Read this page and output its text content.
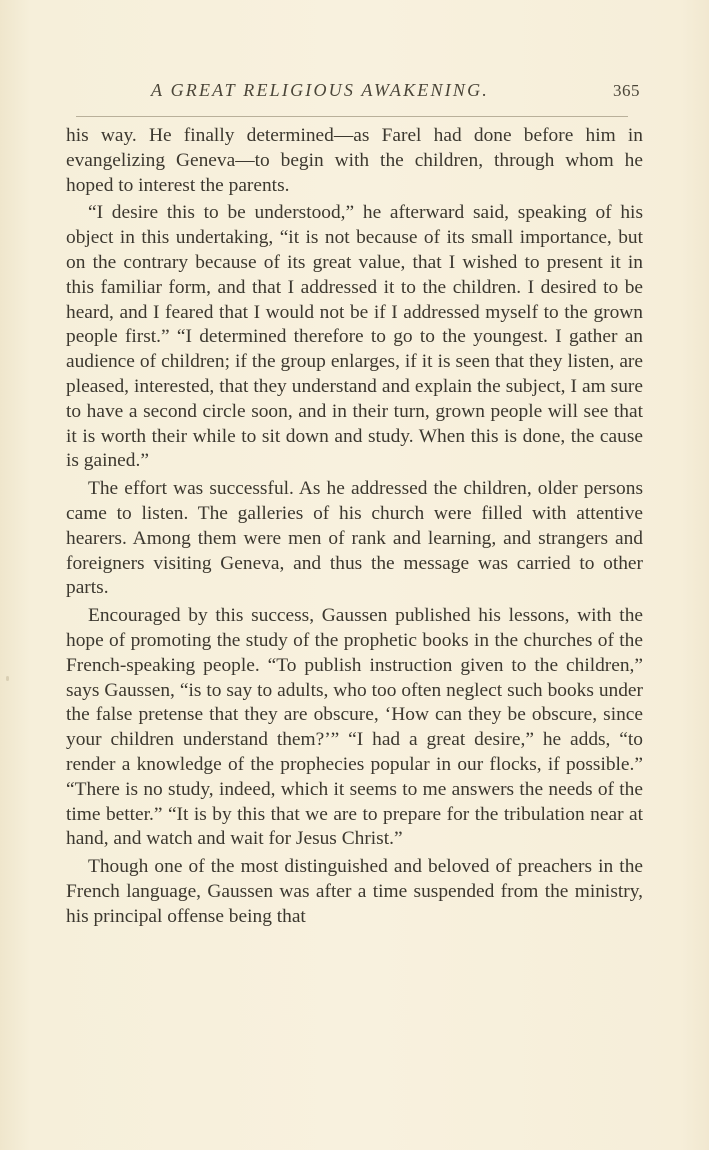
A GREAT RELIGIOUS AWAKENING.	365

his way. He finally determined—as Farel had done before him in evangelizing Geneva—to begin with the children, through whom he hoped to interest the parents.

“I desire this to be understood,” he afterward said, speaking of his object in this undertaking, “it is not because of its small importance, but on the contrary because of its great value, that I wished to present it in this familiar form, and that I addressed it to the children. I desired to be heard, and I feared that I would not be if I addressed myself to the grown people first.” “I determined therefore to go to the youngest. I gather an audience of children; if the group enlarges, if it is seen that they listen, are pleased, interested, that they understand and explain the subject, I am sure to have a second circle soon, and in their turn, grown people will see that it is worth their while to sit down and study. When this is done, the cause is gained.”

The effort was successful. As he addressed the children, older persons came to listen. The galleries of his church were filled with attentive hearers. Among them were men of rank and learning, and strangers and foreigners visiting Geneva, and thus the message was carried to other parts.

Encouraged by this success, Gaussen published his lessons, with the hope of promoting the study of the prophetic books in the churches of the French-speaking people. “To publish instruction given to the children,” says Gaussen, “is to say to adults, who too often neglect such books under the false pretense that they are obscure, ‘How can they be obscure, since your children understand them?’” “I had a great desire,” he adds, “to render a knowledge of the prophecies popular in our flocks, if possible.” “There is no study, indeed, which it seems to me answers the needs of the time better.” “It is by this that we are to prepare for the tribulation near at hand, and watch and wait for Jesus Christ.”

Though one of the most distinguished and beloved of preachers in the French language, Gaussen was after a time suspended from the ministry, his principal offense being that
